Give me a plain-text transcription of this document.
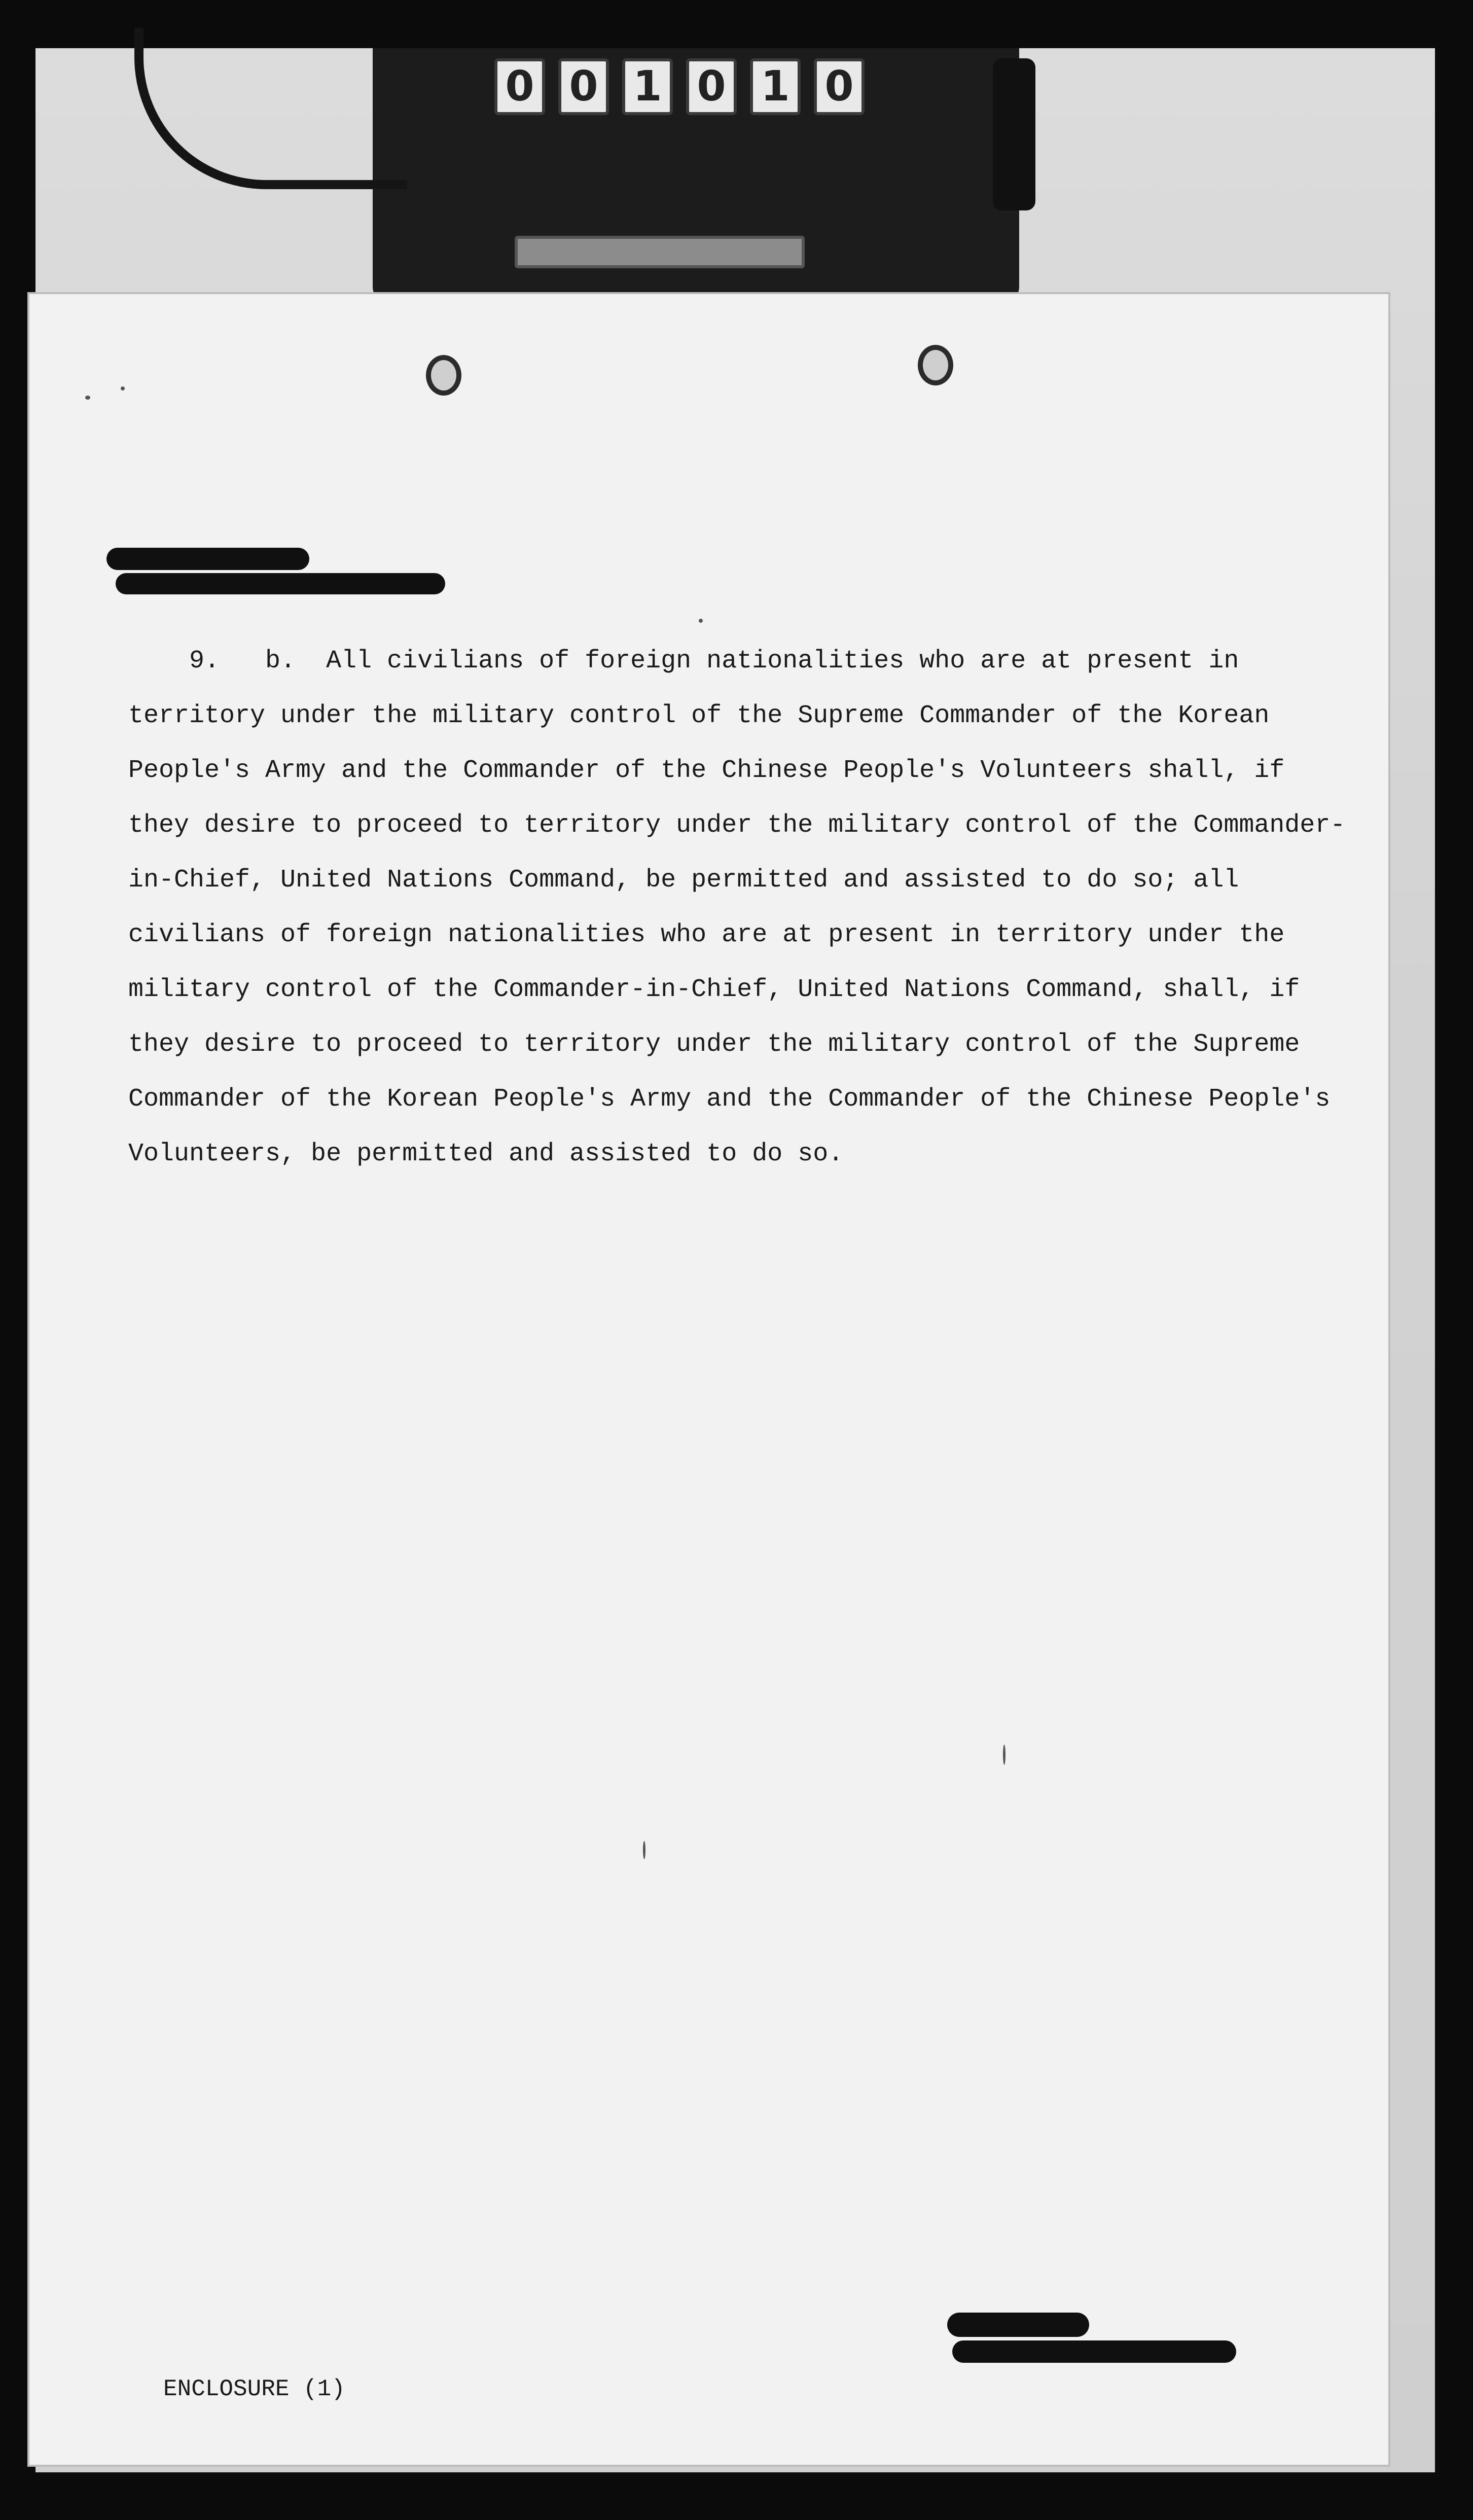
0 0 1 0 1 0
9.   b.  All civilians of foreign nationalities who are at present in
territory under the military control of the Supreme Commander of the Korean
People's Army and the Commander of the Chinese People's Volunteers shall, if
they desire to proceed to territory under the military control of the Commander-
in-Chief, United Nations Command, be permitted and assisted to do so; all
civilians of foreign nationalities who are at present in territory under the
military control of the Commander-in-Chief, United Nations Command, shall, if
they desire to proceed to territory under the military control of the Supreme
Commander of the Korean People's Army and the Commander of the Chinese People's
Volunteers, be permitted and assisted to do so.
ENCLOSURE (1)
